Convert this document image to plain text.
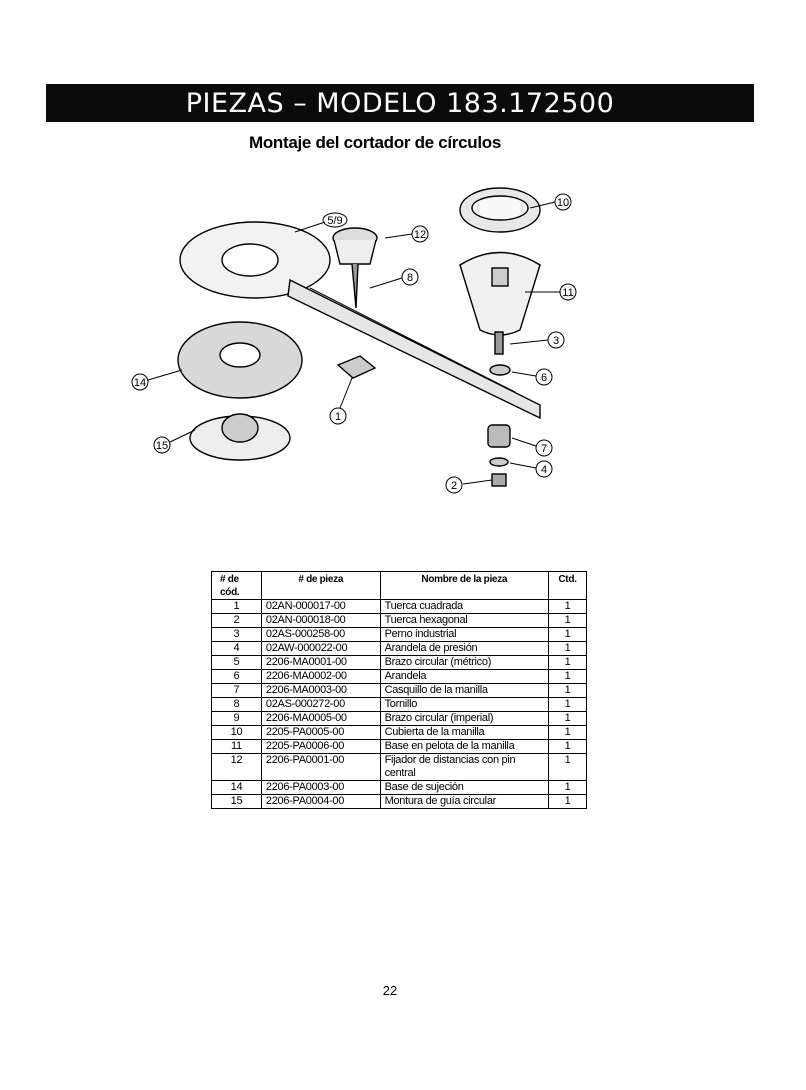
PIEZAS – MODELO 183.172500
Montaje del cortador de círculos
5/9
12
8
10
11
3
6
7
4
2
1
14
15
# de cód.	# de pieza	Nombre de la pieza	Ctd.
1	02AN-000017-00	Tuerca cuadrada	1
2	02AN-000018-00	Tuerca hexagonal	1
3	02AS-000258-00	Perno industrial	1
4	02AW-000022-00	Arandela de presión	1
5	2206-MA0001-00	Brazo circular (métrico)	1
6	2206-MA0002-00	Arandela	1
7	2206-MA0003-00	Casquillo de la manilla	1
8	02AS-000272-00	Tornillo	1
9	2206-MA0005-00	Brazo circular (imperial)	1
10	2205-PA0005-00	Cubierta de la manilla	1
11	2205-PA0006-00	Base en pelota de la manilla	1
12	2206-PA0001-00	Fijador de distancias con pin central	1
14	2206-PA0003-00	Base de sujeción	1
15	2206-PA0004-00	Montura de guía circular	1
22
